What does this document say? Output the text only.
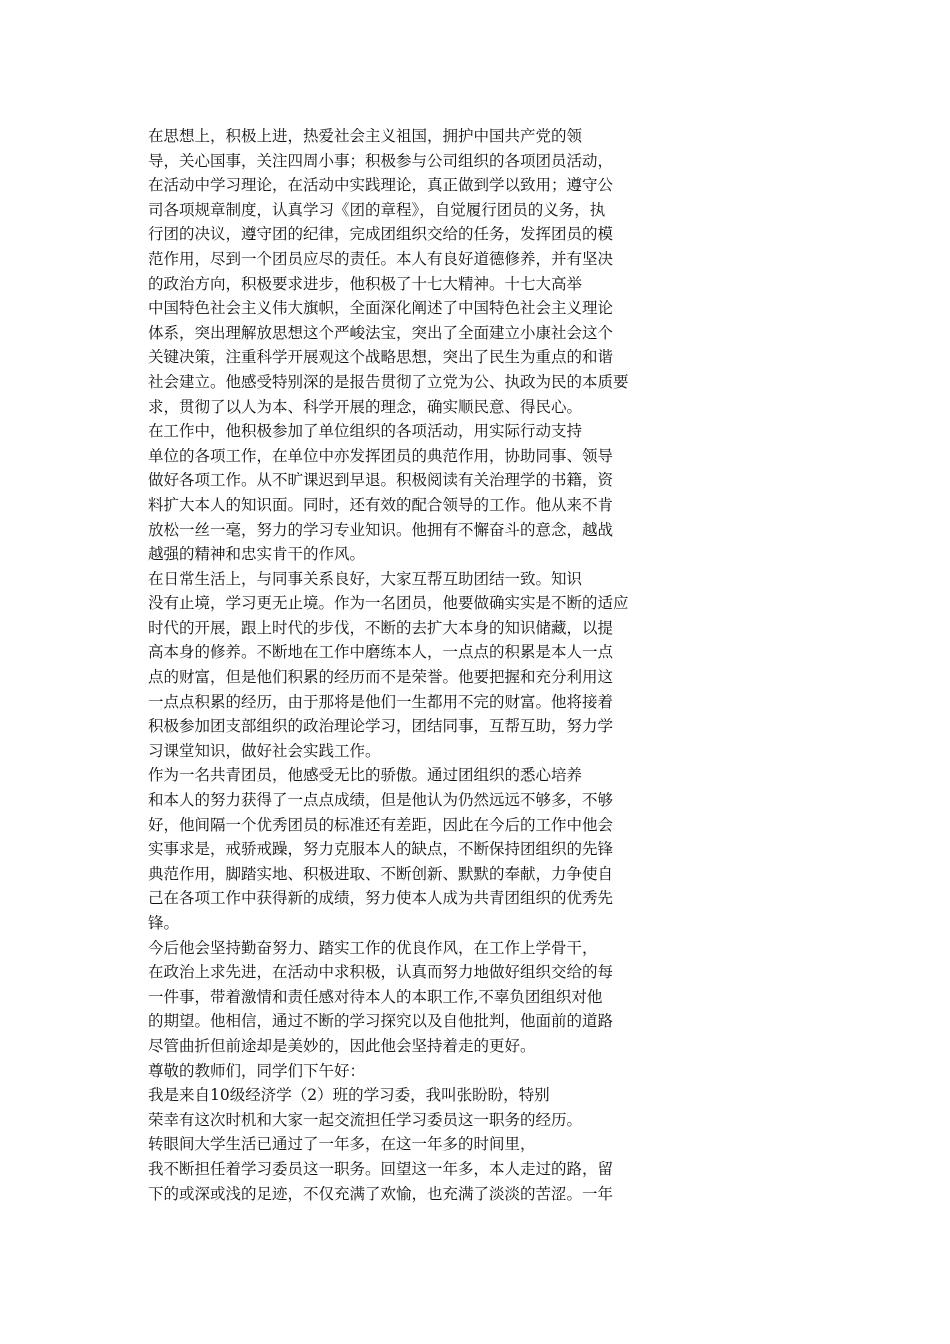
在思想上，积极上进，热爱社会主义祖国，拥护中国共产党的领
导，关心国事，关注四周小事；积极参与公司组织的各项团员活动，
在活动中学习理论，在活动中实践理论，真正做到学以致用；遵守公
司各项规章制度，认真学习《团的章程》，自觉履行团员的义务，执
行团的决议，遵守团的纪律，完成团组织交给的任务，发挥团员的模
范作用，尽到一个团员应尽的责任。本人有良好道德修养，并有坚决
的政治方向，积极要求进步，他积极了十七大精神。十七大高举
中国特色社会主义伟大旗帜，全面深化阐述了中国特色社会主义理论
体系，突出理解放思想这个严峻法宝，突出了全面建立小康社会这个
关键决策，注重科学开展观这个战略思想，突出了民生为重点的和谐
社会建立。他感受特别深的是报告贯彻了立党为公、执政为民的本质要
求，贯彻了以人为本、科学开展的理念，确实顺民意、得民心。
在工作中，他积极参加了单位组织的各项活动，用实际行动支持
单位的各项工作，在单位中亦发挥团员的典范作用，协助同事、领导
做好各项工作。从不旷课迟到早退。积极阅读有关治理学的书籍，资
料扩大本人的知识面。同时，还有效的配合领导的工作。他从来不肯
放松一丝一毫，努力的学习专业知识。他拥有不懈奋斗的意念，越战
越强的精神和忠实肯干的作风。
在日常生活上，与同事关系良好，大家互帮互助团结一致。知识
没有止境，学习更无止境。作为一名团员，他要做确实实是不断的适应
时代的开展，跟上时代的步伐，不断的去扩大本身的知识储藏，以提
高本身的修养。不断地在工作中磨练本人，一点点的积累是本人一点
点的财富，但是他们积累的经历而不是荣誉。他要把握和充分利用这
一点点积累的经历，由于那将是他们一生都用不完的财富。他将接着
积极参加团支部组织的政治理论学习，团结同事，互帮互助，努力学
习课堂知识，做好社会实践工作。
作为一名共青团员，他感受无比的骄傲。通过团组织的悉心培养
和本人的努力获得了一点点成绩，但是他认为仍然远远不够多，不够
好，他间隔一个优秀团员的标准还有差距，因此在今后的工作中他会
实事求是，戒骄戒躁，努力克服本人的缺点，不断保持团组织的先锋
典范作用，脚踏实地、积极进取、不断创新、默默的奉献，力争使自
己在各项工作中获得新的成绩，努力使本人成为共青团组织的优秀先
锋。
今后他会坚持勤奋努力、踏实工作的优良作风，在工作上学骨干，
在政治上求先进，在活动中求积极，认真而努力地做好组织交给的每
一件事，带着激情和责任感对待本人的本职工作,不辜负团组织对他
的期望。他相信，通过不断的学习探究以及自他批判，他面前的道路
尽管曲折但前途却是美妙的，因此他会坚持着走的更好。
尊敬的教师们，同学们下午好：
我是来自10级经济学（2）班的学习委，我叫张盼盼，特别
荣幸有这次时机和大家一起交流担任学习委员这一职务的经历。
转眼间大学生活已通过了一年多，在这一年多的时间里，
我不断担任着学习委员这一职务。回望这一年多，本人走过的路，留
下的或深或浅的足迹，不仅充满了欢愉，也充满了淡淡的苦涩。一年
